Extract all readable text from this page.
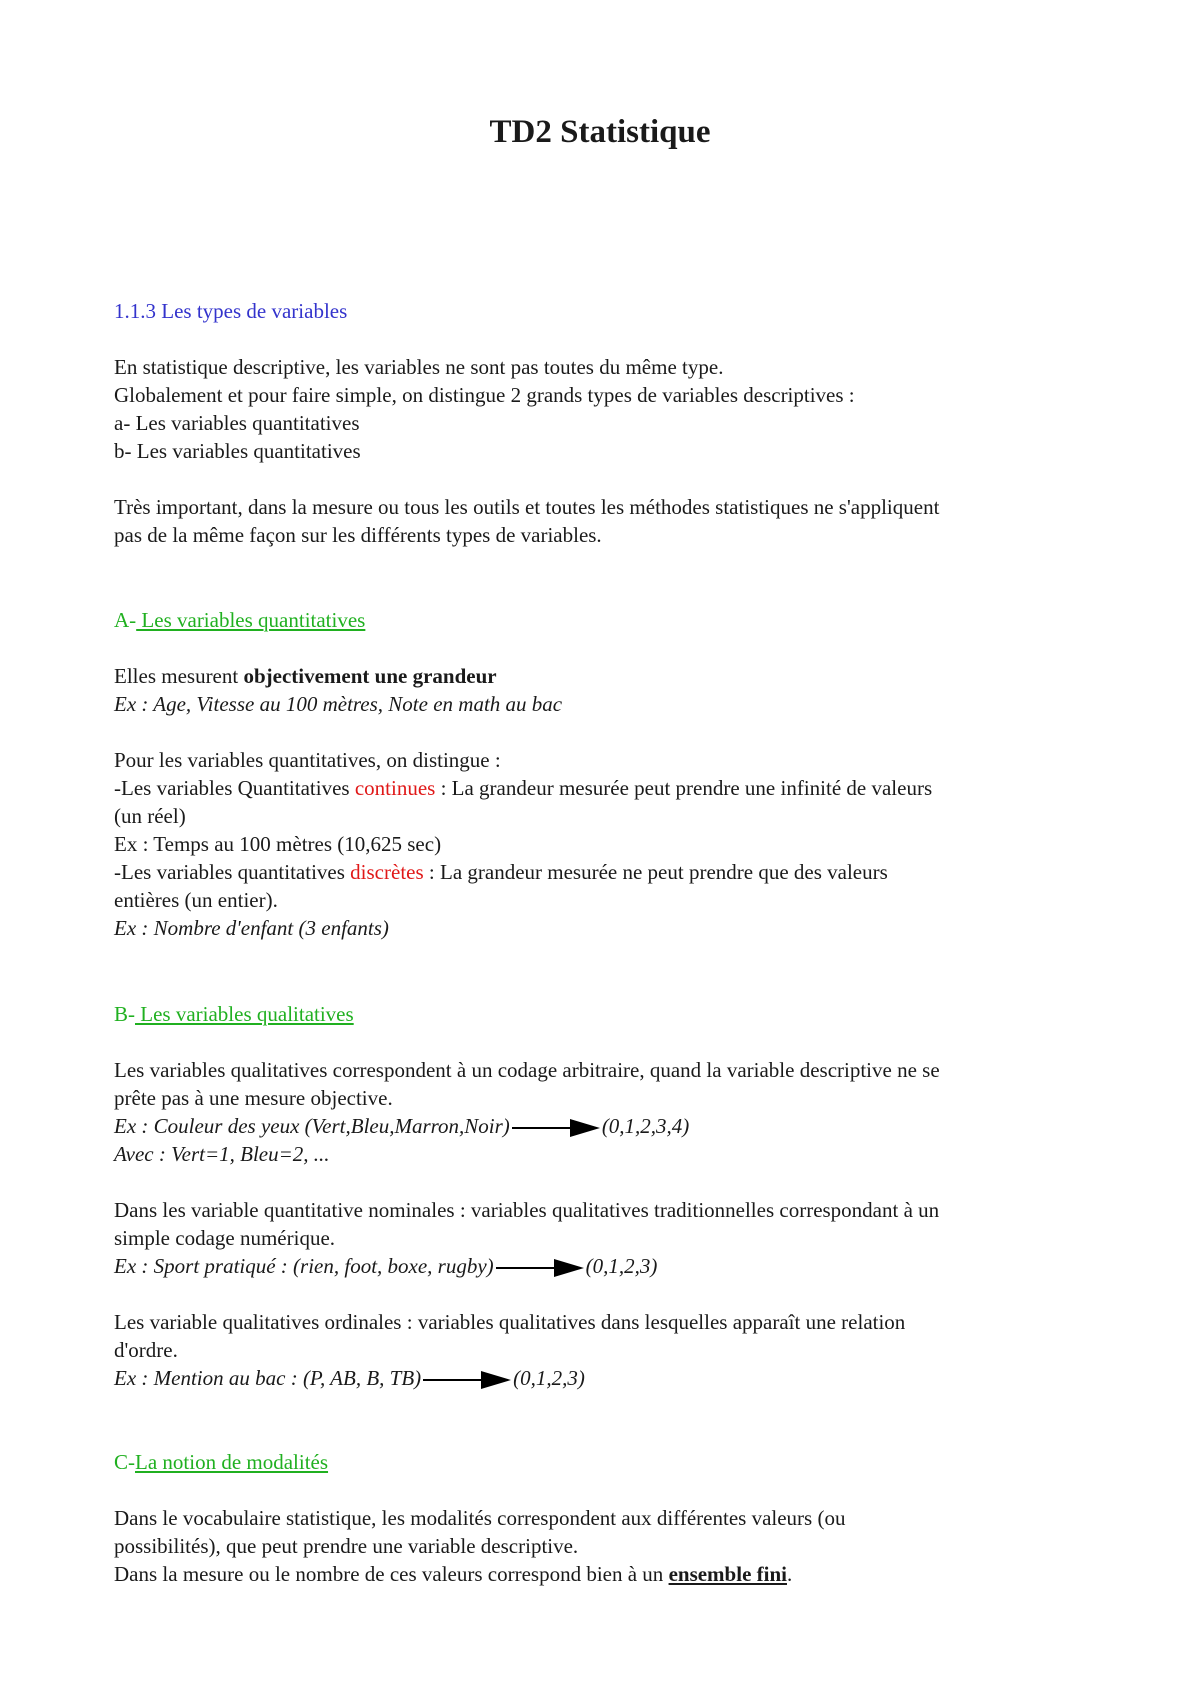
TD2 Statistique
1.1.3 Les types de variables
En statistique descriptive, les variables ne sont pas toutes du même type.
Globalement et pour faire simple, on distingue 2 grands types de variables descriptives :
a- Les variables quantitatives
b- Les variables quantitatives
Très important, dans la mesure ou tous les outils et toutes les méthodes statistiques ne s'appliquent
pas de la même façon sur les différents types de variables.
A- Les variables quantitatives
Elles mesurent objectivement une grandeur
Ex : Age, Vitesse au 100 mètres, Note en math au bac
Pour les variables quantitatives, on distingue :
-Les variables Quantitatives continues : La grandeur mesurée peut prendre une infinité de valeurs
(un réel)
Ex : Temps au 100 mètres (10,625 sec)
-Les variables quantitatives discrètes : La grandeur mesurée ne peut prendre que des valeurs
entières (un entier).
Ex : Nombre d'enfant (3 enfants)
B- Les variables qualitatives
Les variables qualitatives correspondent à un codage arbitraire, quand la variable descriptive ne se
prête pas à une mesure objective.
Ex : Couleur des yeux (Vert,Bleu,Marron,Noir)	(0,1,2,3,4)
Avec : Vert=1, Bleu=2, ...
Dans les variable quantitative nominales : variables qualitatives traditionnelles correspondant à un
simple codage numérique.
Ex : Sport pratiqué : (rien, foot, boxe, rugby)	(0,1,2,3)
Les variable qualitatives ordinales : variables qualitatives dans lesquelles apparaît une relation
d'ordre.
Ex : Mention au bac : (P, AB, B, TB)	(0,1,2,3)
C-La notion de modalités
Dans le vocabulaire statistique, les modalités correspondent aux différentes valeurs (ou
possibilités), que peut prendre une variable descriptive.
Dans la mesure ou le nombre de ces valeurs correspond bien à un ensemble fini.
